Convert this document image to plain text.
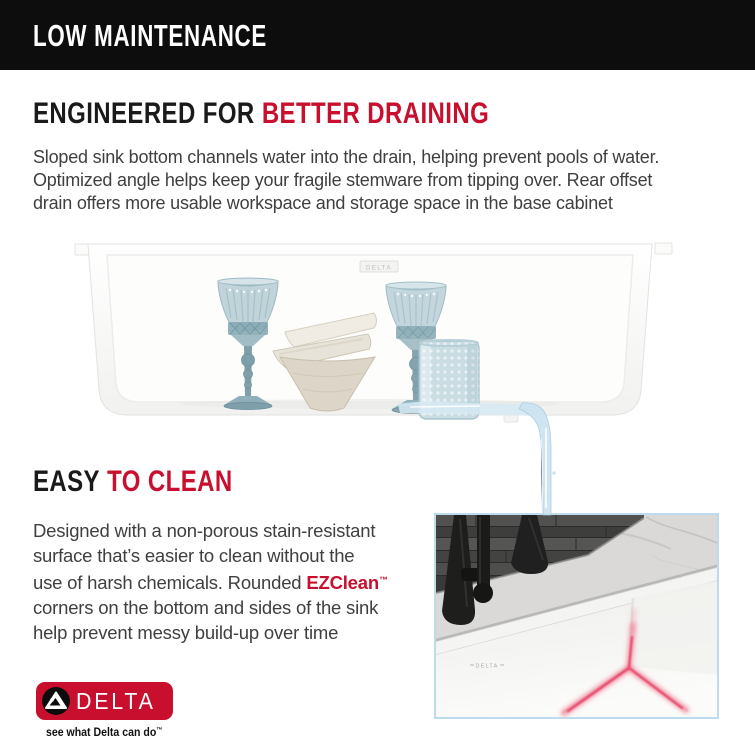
LOW MAINTENANCE
ENGINEERED FOR BETTER DRAINING
Sloped sink bottom channels water into the drain, helping prevent pools of water.
Optimized angle helps keep your fragile stemware from tipping over. Rear offset
drain offers more usable workspace and storage space in the base cabinet
DELTA
EASY TO CLEAN
Designed with a non-porous stain-resistant
surface that’s easier to clean without the
use of harsh chemicals. Rounded EZClean™
corners on the bottom and sides of the sink
help prevent messy build-up over time
DELTA
DELTA
see what Delta can do™
